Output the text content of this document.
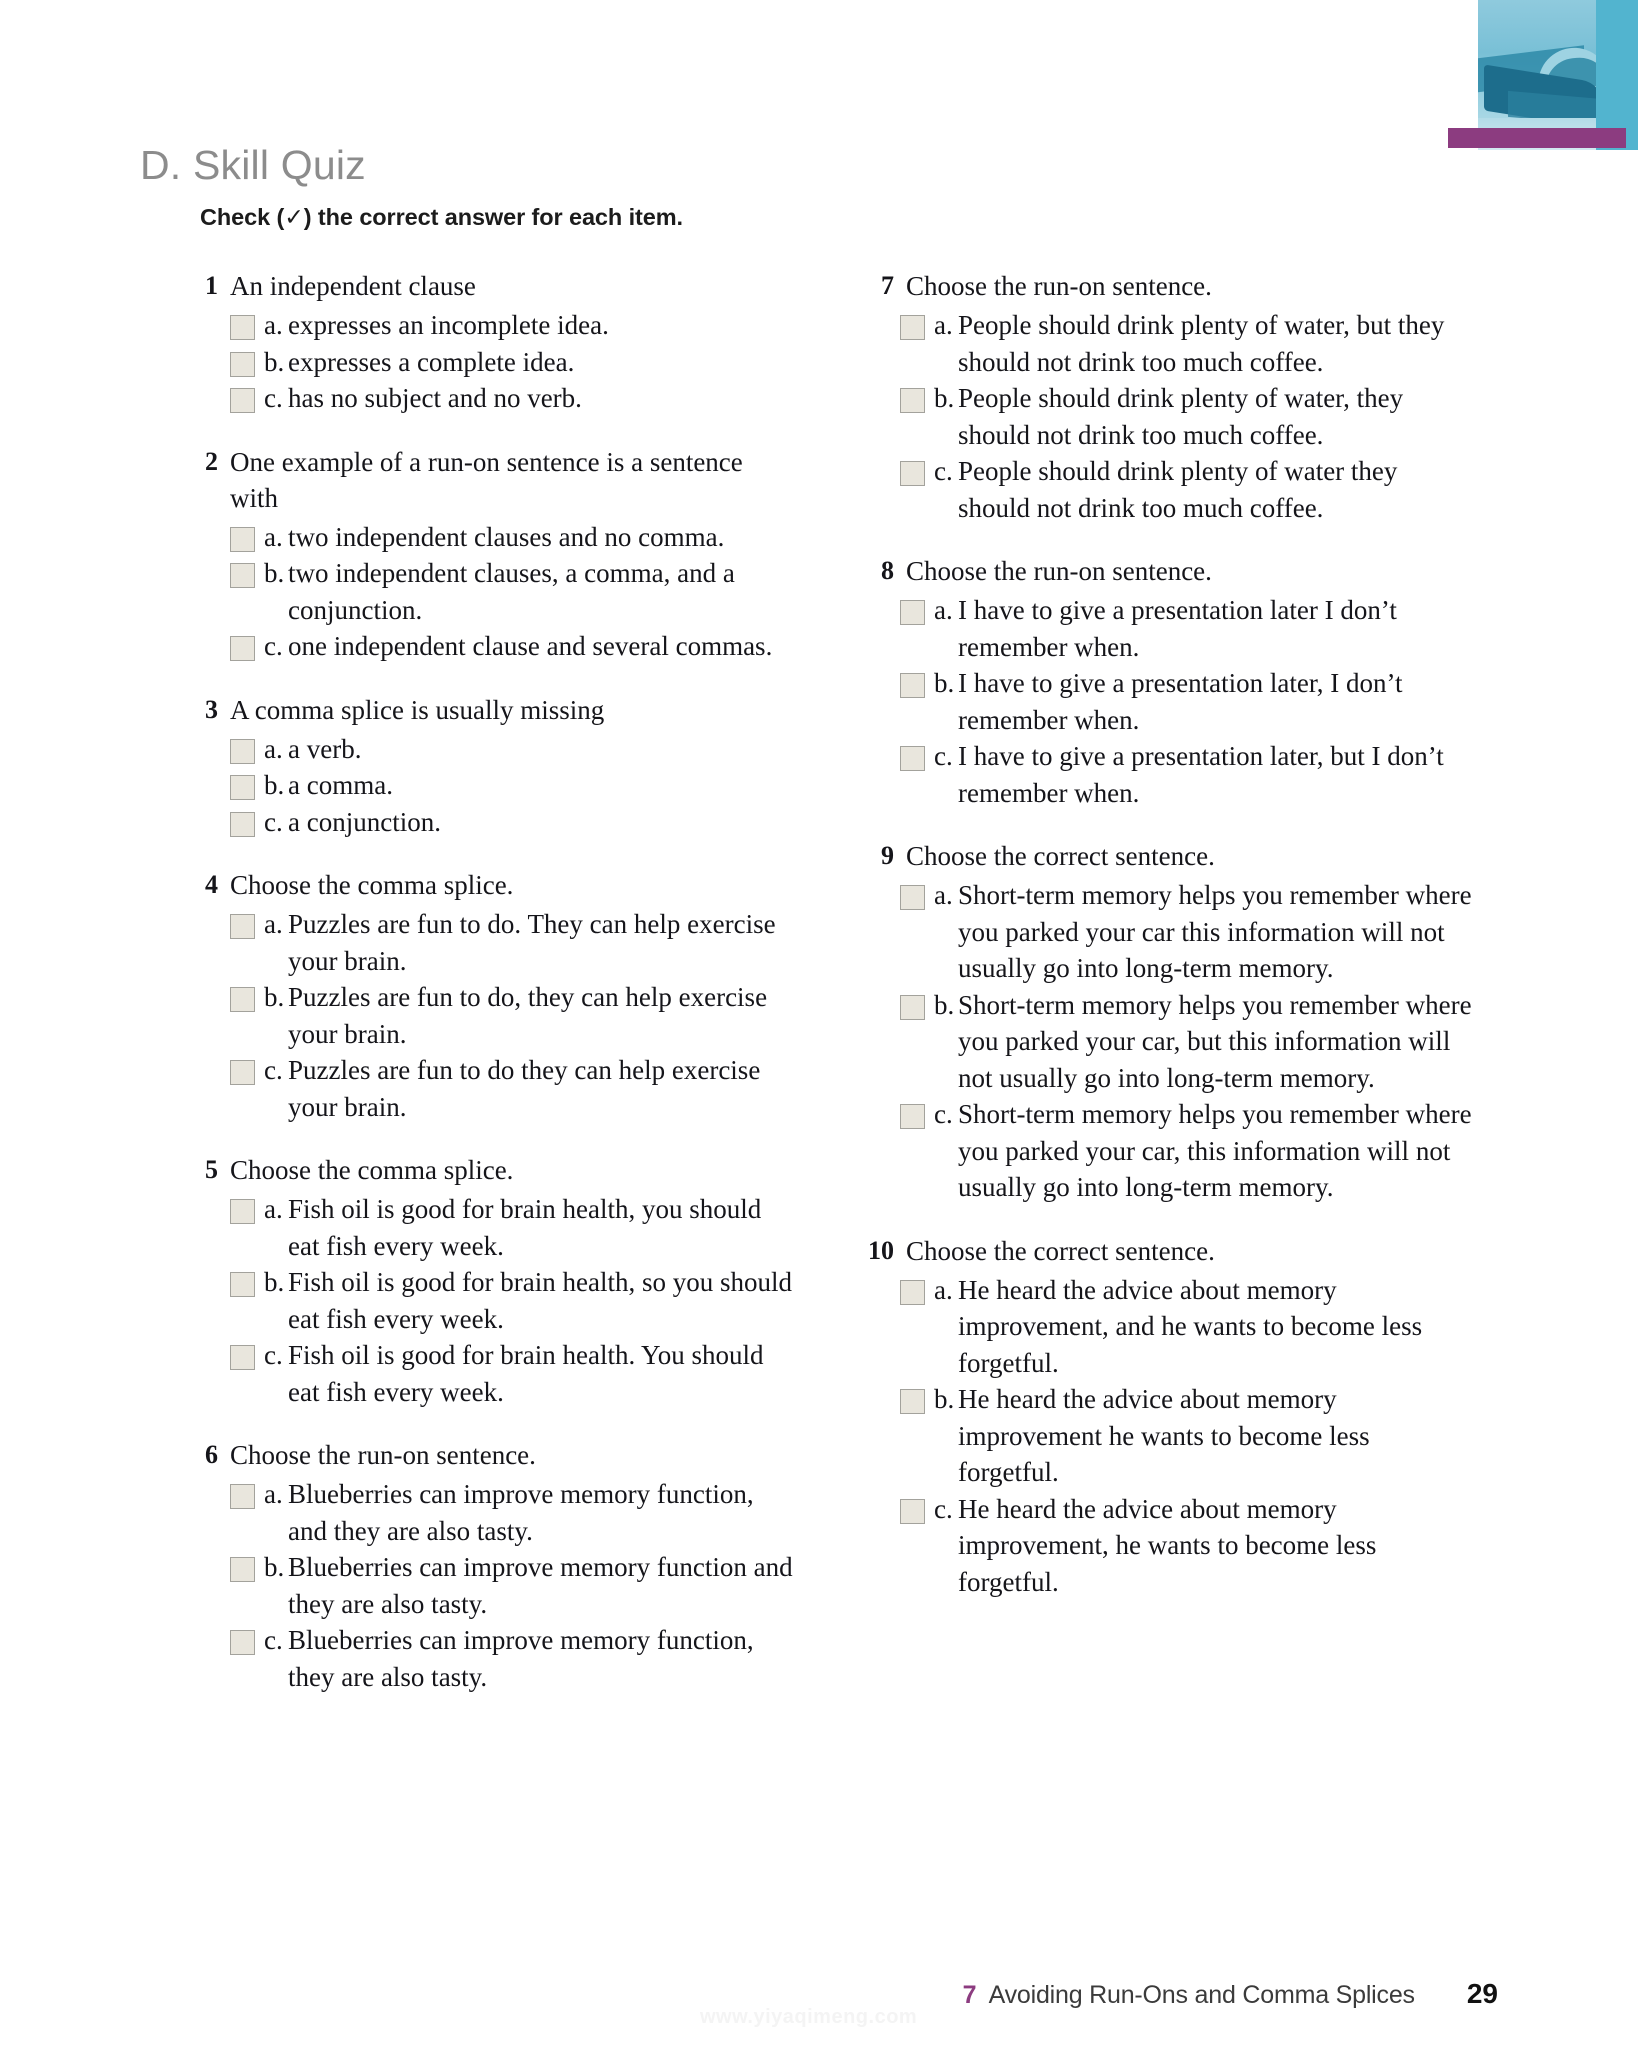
D. Skill Quiz
Check (✓) the correct answer for each item.
1 An independent clause
a. expresses an incomplete idea.
b. expresses a complete idea.
c. has no subject and no verb.
2 One example of a run-on sentence is a sentence with
a. two independent clauses and no comma.
b. two independent clauses, a comma, and a conjunction.
c. one independent clause and several commas.
3 A comma splice is usually missing
a. a verb.
b. a comma.
c. a conjunction.
4 Choose the comma splice.
a. Puzzles are fun to do. They can help exercise your brain.
b. Puzzles are fun to do, they can help exercise your brain.
c. Puzzles are fun to do they can help exercise your brain.
5 Choose the comma splice.
a. Fish oil is good for brain health, you should eat fish every week.
b. Fish oil is good for brain health, so you should eat fish every week.
c. Fish oil is good for brain health. You should eat fish every week.
6 Choose the run-on sentence.
a. Blueberries can improve memory function, and they are also tasty.
b. Blueberries can improve memory function and they are also tasty.
c. Blueberries can improve memory function, they are also tasty.
7 Choose the run-on sentence.
a. People should drink plenty of water, but they should not drink too much coffee.
b. People should drink plenty of water, they should not drink too much coffee.
c. People should drink plenty of water they should not drink too much coffee.
8 Choose the run-on sentence.
a. I have to give a presentation later I don’t remember when.
b. I have to give a presentation later, I don’t remember when.
c. I have to give a presentation later, but I don’t remember when.
9 Choose the correct sentence.
a. Short-term memory helps you remember where you parked your car this information will not usually go into long-term memory.
b. Short-term memory helps you remember where you parked your car, but this information will not usually go into long-term memory.
c. Short-term memory helps you remember where you parked your car, this information will not usually go into long-term memory.
10 Choose the correct sentence.
a. He heard the advice about memory improvement, and he wants to become less forgetful.
b. He heard the advice about memory improvement he wants to become less forgetful.
c. He heard the advice about memory improvement, he wants to become less forgetful.
7 Avoiding Run-Ons and Comma Splices 29
www.yiyaqimeng.com
